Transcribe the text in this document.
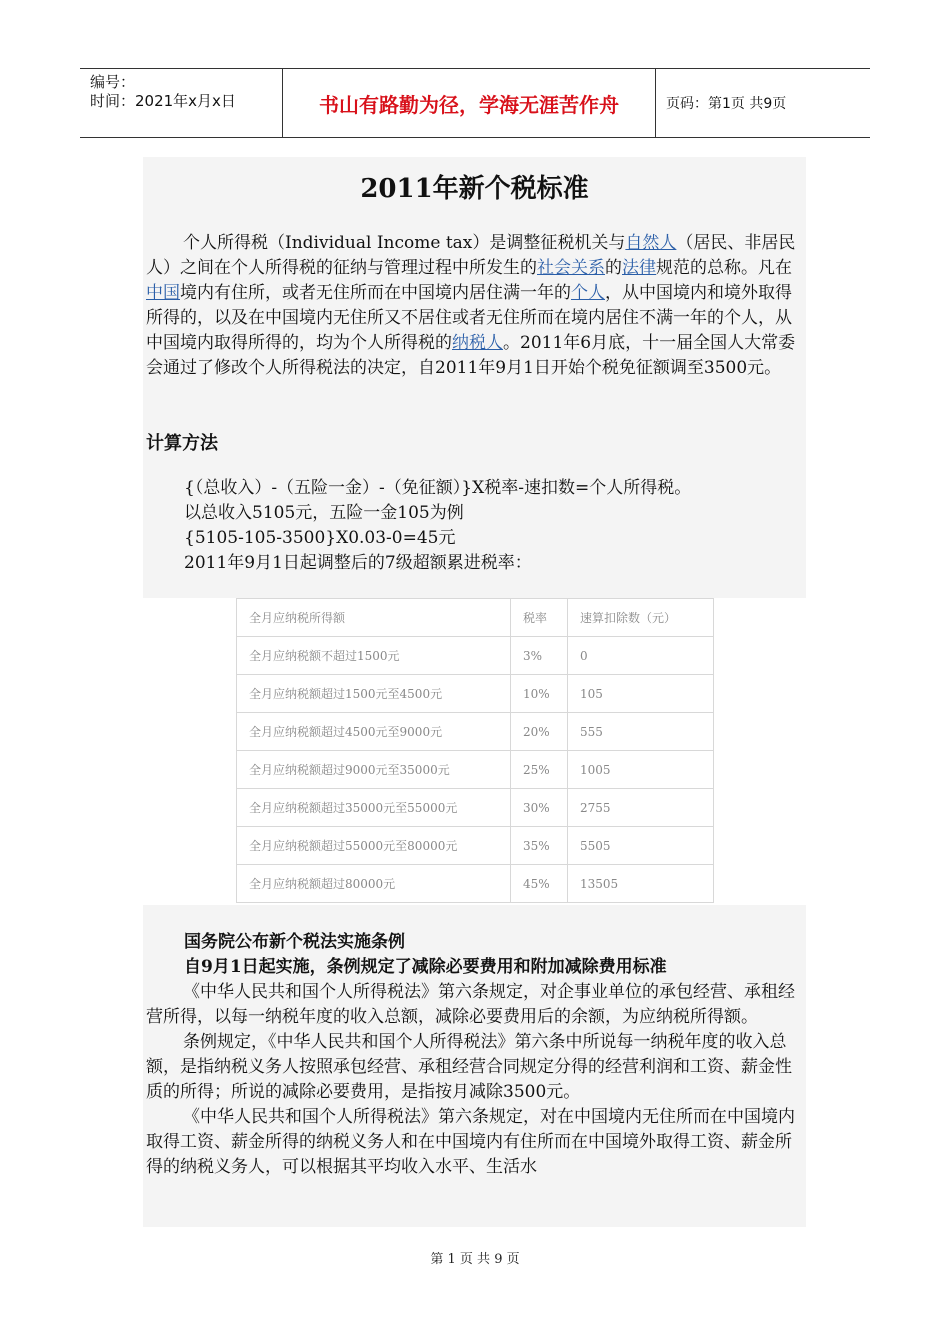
编号：
时间：2021年x月x日	书山有路勤为径，学海无涯苦作舟	页码：第1页 共9页
2011年新个税标准
个人所得税（Individual Income tax）是调整征税机关与自然人（居民、非居民人）之间在个人所得税的征纳与管理过程中所发生的社会关系的法律规范的总称。凡在中国境内有住所，或者无住所而在中国境内居住满一年的个人，从中国境内和境外取得所得的，以及在中国境内无住所又不居住或者无住所而在境内居住不满一年的个人，从中国境内取得所得的，均为个人所得税的纳税人。2011年6月底，十一届全国人大常委会通过了修改个人所得税法的决定，自2011年9月1日开始个税免征额调至3500元。
计算方法
{（总收入）-（五险一金）-（免征额）}X税率-速扣数=个人所得税。
以总收入5105元，五险一金105为例
{5105-105-3500}X0.03-0=45元
2011年9月1日起调整后的7级超额累进税率：
全月应纳税所得额	税率	速算扣除数（元）
全月应纳税额不超过1500元	3%	0
全月应纳税额超过1500元至4500元	10%	105
全月应纳税额超过4500元至9000元	20%	555
全月应纳税额超过9000元至35000元	25%	1005
全月应纳税额超过35000元至55000元	30%	2755
全月应纳税额超过55000元至80000元	35%	5505
全月应纳税额超过80000元	45%	13505
国务院公布新个税法实施条例
自9月1日起实施，条例规定了减除必要费用和附加减除费用标准
《中华人民共和国个人所得税法》第六条规定，对企事业单位的承包经营、承租经营所得，以每一纳税年度的收入总额，减除必要费用后的余额，为应纳税所得额。
条例规定，《中华人民共和国个人所得税法》第六条中所说每一纳税年度的收入总额，是指纳税义务人按照承包经营、承租经营合同规定分得的经营利润和工资、薪金性质的所得；所说的减除必要费用，是指按月减除3500元。
《中华人民共和国个人所得税法》第六条规定，对在中国境内无住所而在中国境内取得工资、薪金所得的纳税义务人和在中国境内有住所而在中国境外取得工资、薪金所得的纳税义务人，可以根据其平均收入水平、生活水
第 1 页 共 9 页
